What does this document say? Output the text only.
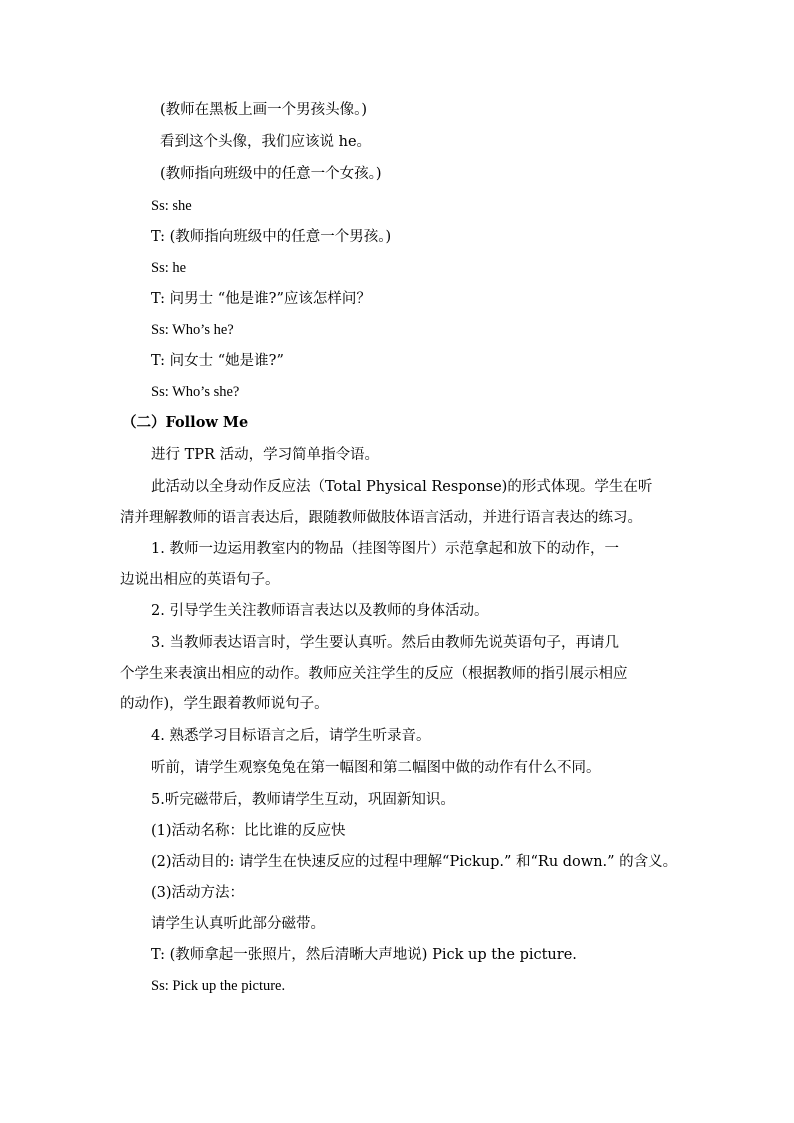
(教师在黑板上画一个男孩头像。)
看到这个头像，我们应该说 he。
(教师指向班级中的任意一个女孩。)
Ss: she
T: (教师指向班级中的任意一个男孩。)
Ss: he
T: 问男士 “他是谁?”应该怎样问？
Ss: Who’s he?
T: 问女士 “她是谁?”
Ss: Who’s she?
（二）Follow Me
进行 TPR 活动，学习简单指令语。
此活动以全身动作反应法（Total Physical Response)的形式体现。学生在听
清并理解教师的语言表达后，跟随教师做肢体语言活动，并进行语言表达的练习。
1. 教师一边运用教室内的物品（挂图等图片）示范拿起和放下的动作，一
边说出相应的英语句子。
2. 引导学生关注教师语言表达以及教师的身体活动。
3. 当教师表达语言时，学生要认真听。然后由教师先说英语句子，再请几
个学生来表演出相应的动作。教师应关注学生的反应（根据教师的指引展示相应
的动作)，学生跟着教师说句子。
4. 熟悉学习目标语言之后，请学生听录音。
听前，请学生观察兔兔在第一幅图和第二幅图中做的动作有什么不同。
5.听完磁带后，教师请学生互动，巩固新知识。
(1)活动名称：比比谁的反应快
(2)活动目的: 请学生在快速反应的过程中理解“Pickup.” 和“Ru down.” 的含义。
(3)活动方法：
请学生认真听此部分磁带。
T: (教师拿起一张照片，然后清晰大声地说) Pick up the picture.
Ss: Pick up the picture.
